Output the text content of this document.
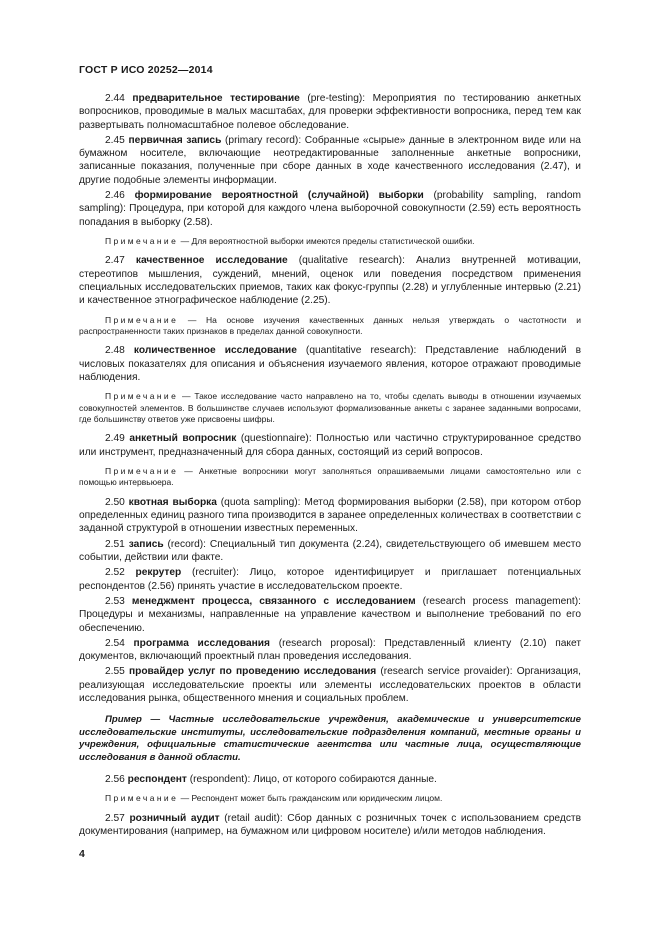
ГОСТ Р ИСО 20252—2014

2.44 предварительное тестирование (pre-testing): Мероприятия по тестированию анкетных вопросников, проводимые в малых масштабах, для проверки эффективности вопросника, перед тем как развертывать полномасштабное полевое обследование.

2.45 первичная запись (primary record): Собранные «сырые» данные в электронном виде или на бумажном носителе, включающие неотредактированные заполненные анкетные вопросники, записанные показания, полученные при сборе данных в ходе качественного исследования (2.47), и другие подобные элементы информации.

2.46 формирование вероятностной (случайной) выборки (probability sampling, random sampling): Процедура, при которой для каждого члена выборочной совокупности (2.59) есть вероятность попадания в выборку (2.58).

Примечание — Для вероятностной выборки имеются пределы статистической ошибки.

2.47 качественное исследование (qualitative research): Анализ внутренней мотивации, стереотипов мышления, суждений, мнений, оценок или поведения посредством применения специальных исследовательских приемов, таких как фокус-группы (2.28) и углубленные интервью (2.21) и качественное этнографическое наблюдение (2.25).

Примечание — На основе изучения качественных данных нельзя утверждать о частотности и распространенности таких признаков в пределах данной совокупности.

2.48 количественное исследование (quantitative research): Представление наблюдений в числовых показателях для описания и объяснения изучаемого явления, которое отражают проводимые наблюдения.

Примечание — Такое исследование часто направлено на то, чтобы сделать выводы в отношении изучаемых совокупностей элементов. В большинстве случаев используют формализованные анкеты с заранее заданными вопросами, где большинству ответов уже присвоены шифры.

2.49 анкетный вопросник (questionnaire): Полностью или частично структурированное средство или инструмент, предназначенный для сбора данных, состоящий из серий вопросов.

Примечание — Анкетные вопросники могут заполняться опрашиваемыми лицами самостоятельно или с помощью интервьюера.

2.50 квотная выборка (quota sampling): Метод формирования выборки (2.58), при котором отбор определенных единиц разного типа производится в заранее определенных количествах в соответствии с заданной структурой в отношении известных переменных.

2.51 запись (record): Специальный тип документа (2.24), свидетельствующего об имевшем место событии, действии или факте.

2.52 рекрутер (recruiter): Лицо, которое идентифицирует и приглашает потенциальных респондентов (2.56) принять участие в исследовательском проекте.

2.53 менеджмент процесса, связанного с исследованием (research process management): Процедуры и механизмы, направленные на управление качеством и выполнение требований по его обеспечению.

2.54 программа исследования (research proposal): Представленный клиенту (2.10) пакет документов, включающий проектный план проведения исследования.

2.55 провайдер услуг по проведению исследования (research service provaider): Организация, реализующая исследовательские проекты или элементы исследовательских проектов в области исследования рынка, общественного мнения и социальных проблем.

Пример — Частные исследовательские учреждения, академические и университетские исследовательские институты, исследовательские подразделения компаний, местные органы и учреждения, официальные статистические агентства или частные лица, осуществляющие исследования в данной области.

2.56 респондент (respondent): Лицо, от которого собираются данные.

Примечание — Респондент может быть гражданским или юридическим лицом.

2.57 розничный аудит (retail audit): Сбор данных с розничных точек с использованием средств документирования (например, на бумажном или цифровом носителе) и/или методов наблюдения.

4
